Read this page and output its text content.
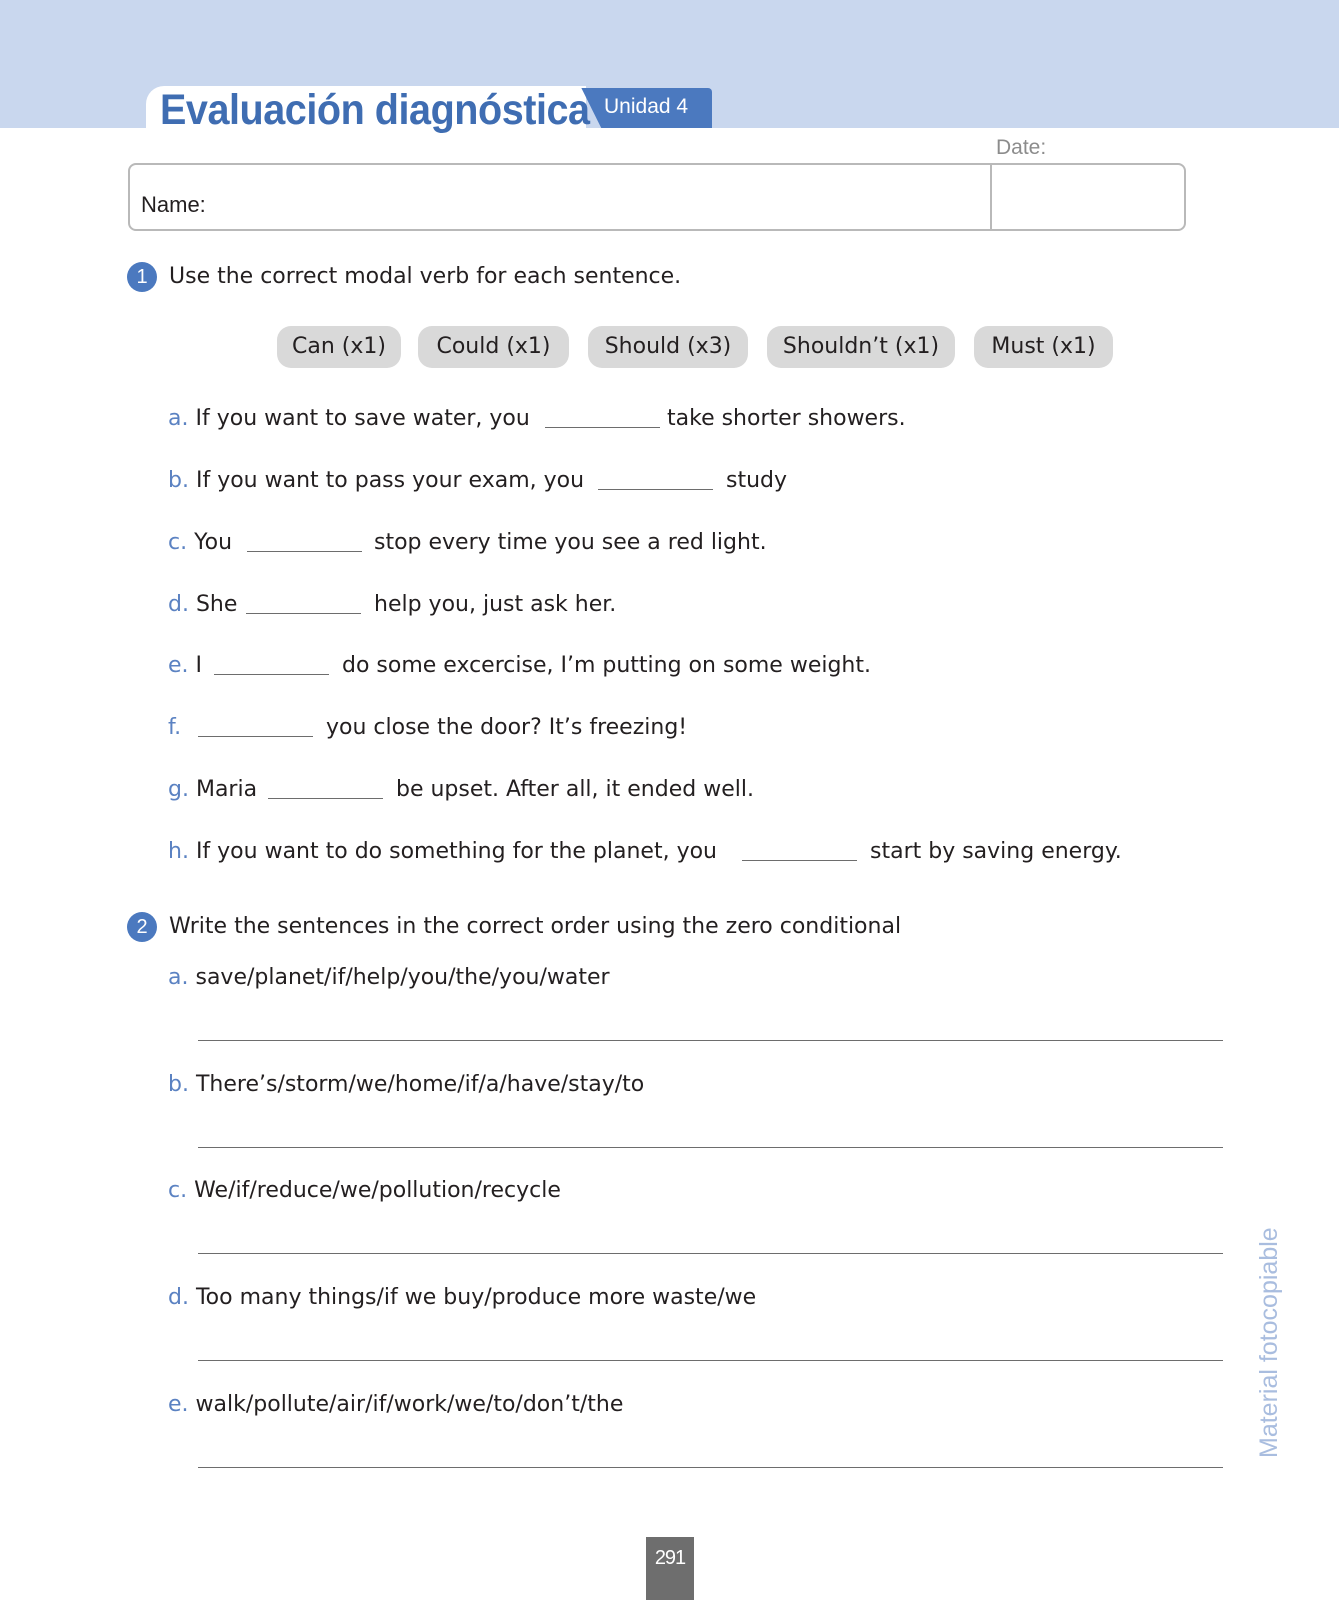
Evaluación diagnóstica Unidad 4
Date:
Name:
1 Use the correct modal verb for each sentence.
Can (x1)	Could (x1)	Should (x3)	Shouldn’t (x1)	Must (x1)
a. If you want to save water, you	take shorter showers.
b. If you want to pass your exam, you	study
c. You	stop every time you see a red light.
d. She	help you, just ask her.
e. I	do some excercise, I’m putting on some weight.
f.	you close the door? It’s freezing!
g. Maria	be upset. After all, it ended well.
h. If you want to do something for the planet, you	start by saving energy.
2 Write the sentences in the correct order using the zero conditional
a. save/planet/if/help/you/the/you/water
b. There’s/storm/we/home/if/a/have/stay/to
c. We/if/reduce/we/pollution/recycle
d. Too many things/if we buy/produce more waste/we
e. walk/pollute/air/if/work/we/to/don’t/the	Material fotocopiable
291
